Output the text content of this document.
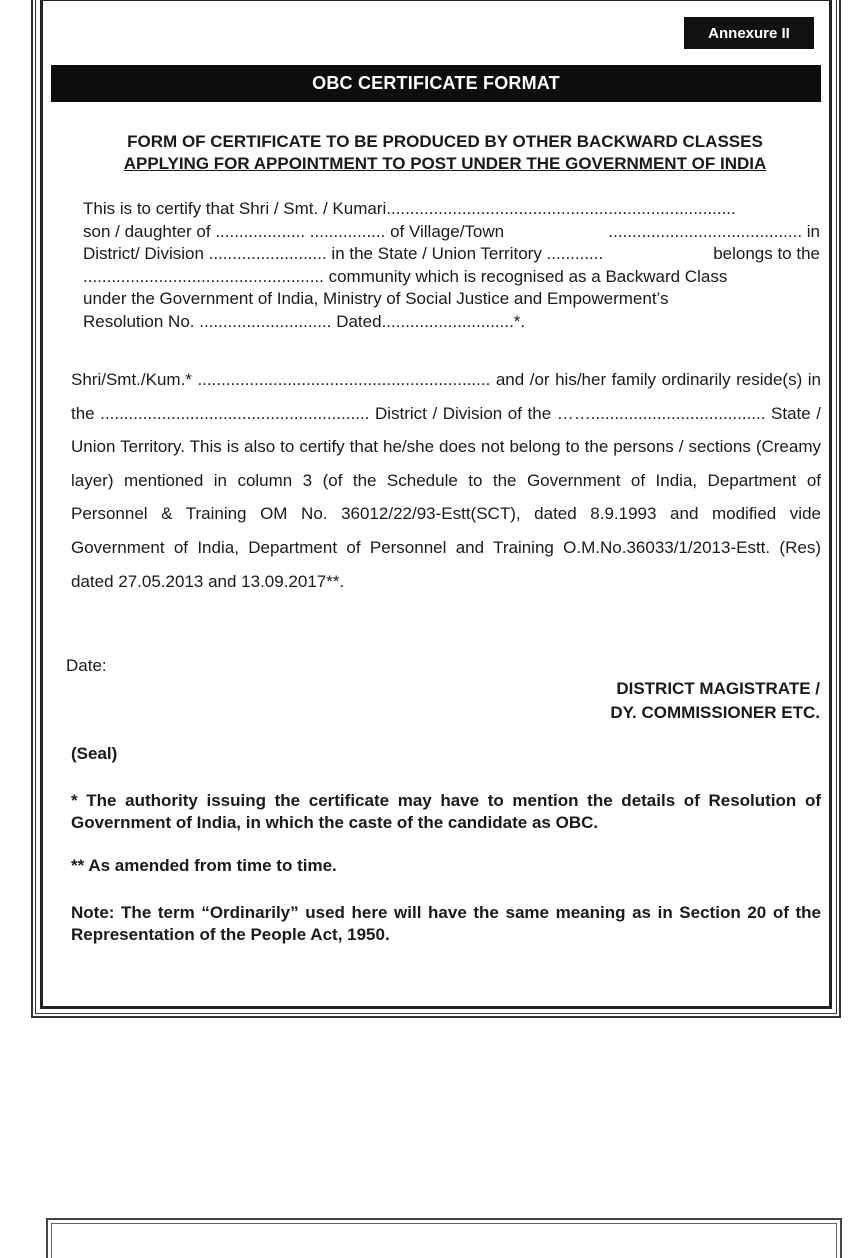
Annexure II
OBC CERTIFICATE FORMAT
FORM OF CERTIFICATE TO BE PRODUCED BY OTHER BACKWARD CLASSES
APPLYING FOR APPOINTMENT TO POST UNDER THE GOVERNMENT OF INDIA
This is to certify that Shri / Smt. / Kumari..........................................................................
son / daughter of ................... ................ of Village/Town	......................................... in
District/ Division ......................... in the State / Union Territory ............	belongs to the
................................................... community which is recognised as a Backward Class
under the Government of India, Ministry of Social Justice and Empowerment’s
Resolution No. ............................ Dated............................*.
Shri/Smt./Kum.* .............................................................. and /or his/her family ordinarily reside(s) in the ......................................................... District / Division of the ……..................................... State / Union Territory. This is also to certify that he/she does not belong to the persons / sections (Creamy layer) mentioned in column 3 (of the Schedule to the Government of India, Department of Personnel & Training OM No. 36012/22/93-Estt(SCT), dated 8.9.1993 and modified vide Government of India, Department of Personnel and Training O.M.No.36033/1/2013-Estt. (Res) dated 27.05.2013 and 13.09.2017**.
Date:
DISTRICT MAGISTRATE /
DY. COMMISSIONER ETC.
(Seal)
* The authority issuing the certificate may have to mention the details of Resolution of Government of India, in which the caste of the candidate as OBC.
** As amended from time to time.
Note: The term “Ordinarily” used here will have the same meaning as in Section 20 of the Representation of the People Act, 1950.
